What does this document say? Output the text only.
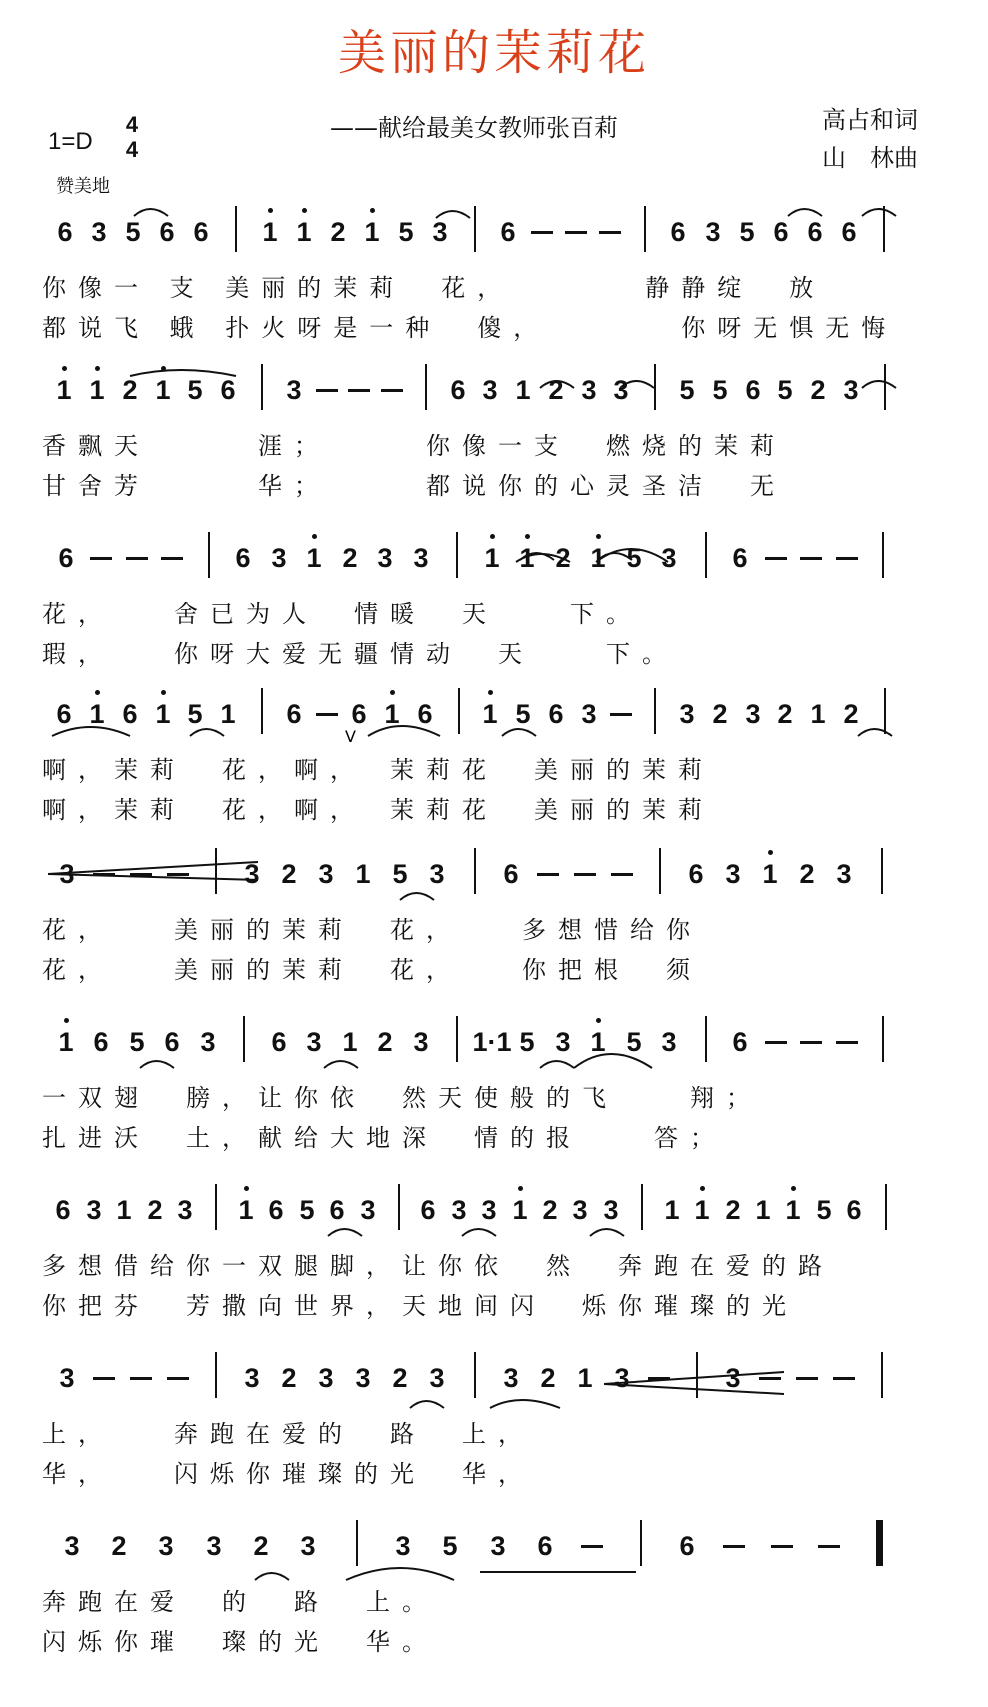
美丽的茉莉花
——献给最美女教师张百莉
1=D
4
4
赞美地
高占和词
山　林曲
6 3 5 6 6 1 1 2 1 5 3 6	6 3 5 6 6 6
你像一 支 美丽的茉莉　花，　　　　静静绽　放
都说飞 蛾 扑火呀是一种　傻，　　　　你呀无惧无悔
1 1 2 1 5 6 3	6 3 1 2 3 3 5 5 6 5 2 3
香飘天　　　涯；　　　你像一支　燃烧的茉莉
甘舍芳　　　华；　　　都说你的心灵圣洁　无
6	6 3 1 2 3 3 1 1 2 1 5 3 6
花，　　舍已为人　情暖　天　　下。
瑕，　　你呀大爱无疆情动　天　　下。
6 1 6 1 5 1 6 6 1 6 1 5 6 3	3 2 3 2 1 2
啊，茉莉　花，啊，　茉莉花　美丽的茉莉
啊，茉莉　花，啊，　茉莉花　美丽的茉莉
3	3 2 3 1 5 3 6	6 3 1 2 3
花，　　美丽的茉莉　花，　　多想惜给你
花，　　美丽的茉莉　花，　　你把根　须
1 6 5 6 3 6 3 1 2 3 1·1 5 3 1 5 3 6
一双翅　膀，让你依　然天使般的飞　　翔；
扎进沃　土，献给大地深　情的报　　答；
6 3 1 2 3 1 6 5 6 3 6 3 3 1 2 3 3 1 1 2 1 1 5 6
多想借给你一双腿脚，让你依　然　奔跑在爱的路
你把芬　芳撒向世界，天地间闪　烁你璀璨的光
3	3 2 3 3 2 3 3 2 1 3	3
上，　　奔跑在爱的　路　上，
华，　　闪烁你璀璨的光　华，
3 2 3 3 2 3	3 5 3 6	6
奔跑在爱　的　路　上。
闪烁你璀　璨的光　华。
V
